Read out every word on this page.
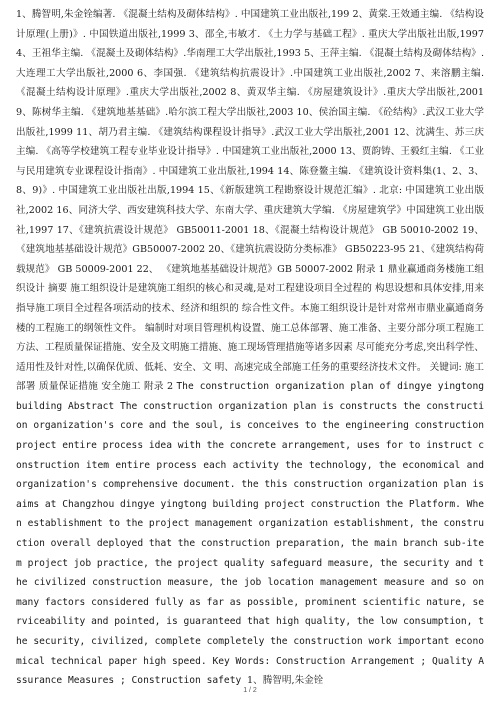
1、腾智明,朱金铨编著. 《混凝土结构及砌体结构》. 中国建筑工业出版社,199 2、黄棠.王效通主编. 《结构设计原理(上册)》. 中国铁道出版社,1999 3、邵全,韦敏才. 《土力学与基础工程》. 重庆大学出版社出版,1997 4、王祖华主编. 《混凝土及砌体结构》.华南理工大学出版社,1993 5、王萍主编. 《混凝土结构及砌体结构》.大连理工大学出版社,2000 6、李国强. 《建筑结构抗震设计》.中国建筑工业出版社,2002 7、来溶鹏主编. 《混凝土结构设计原理》.重庆大学出版社,2002 8、黄双华主编. 《房屋建筑设计》.重庆大学出版社,2001 9、陈树华主编. 《建筑地基基础》.哈尔滨工程大学出版社,2003 10、侯治国主编. 《砼结构》.武汉工业大学出版社,1999 11、胡乃君主编. 《建筑结构课程设计指导》.武汉工业大学出版社,2001 12、沈满生、苏三庆主编. 《高等学校建筑工程专业毕业设计指导》. 中国建筑工业出版社,2000 13、贾韵铸、王毅红主编. 《工业与民用建筑专业课程设计指南》. 中国建筑工业出版社,1994 14、陈登鳌主编. 《建筑设计资料集(1、2、3、8、9)》. 中国建筑工业出版社出版,1994 15、《新版建筑工程勘察设计规范汇编》. 北京: 中国建筑工业出版社,2002 16、同济大学、西安建筑科技大学、东南大学、重庆建筑大学编. 《房屋建筑学》中国建筑工业出版社,1997 17、《建筑抗震设计规范》 GB50011-2001 18、《混凝土结构设计规范》 GB 50010-2002 19、《建筑地基基础设计规范》GB50007-2002 20、《建筑抗震设防分类标准》 GB50223-95 21、《建筑结构荷载规范》 GB 50009-2001 22、 《建筑地基基础设计规范》GB 50007-2002 附录 1 鼎业赢通商务楼施工组织设计 摘要 施工组织设计是建筑施工组织的核心和灵魂,是对工程建设项目全过程的 构思设想和具体安排,用来指导施工项目全过程各项活动的技术、经济和组织的 综合性文件。本施工组织设计是针对常州市鼎业赢通商务楼的工程施工的纲领性文件。 编制时对项目管理机构设置、施工总体部署、施工准备、主要分部分项工程施工 方法、工程质量保证措施、安全及文明施工措施、施工现场管理措施等诸多因素 尽可能充分考虑,突出科学性、适用性及针对性,以确保优质、低耗、安全、文 明、高速完成全部施工任务的重要经济技术文件。 关键词: 施工部署 质量保证措施 安全施工 附录 2 The construction organization plan of dingye yingtong building Abstract The construction organization plan is constructs the construction organization's core and the soul, is conceives to the engineering construction project entire process idea with the concrete arrangement, uses for to instruct construction item entire process each activity the technology, the economical and organization's comprehensive document. the this construction organization plan is aims at Changzhou dingye yingtong building project construction the Platform. When establishment to the project management organization establishment, the construction overall deployed that the construction preparation, the main branch sub-item project job practice, the project quality safeguard measure, the security and the civilized construction measure, the job location management measure and so on many factors considered fully as far as possible, prominent scientific nature, serviceability and pointed, is guaranteed that high quality, the low consumption, the security, civilized, complete completely the construction work important economical technical paper high speed. Key Words: Construction Arrangement ; Quality Assurance Measures ; Construction safety 1、腾智明,朱金铨

1 / 2
